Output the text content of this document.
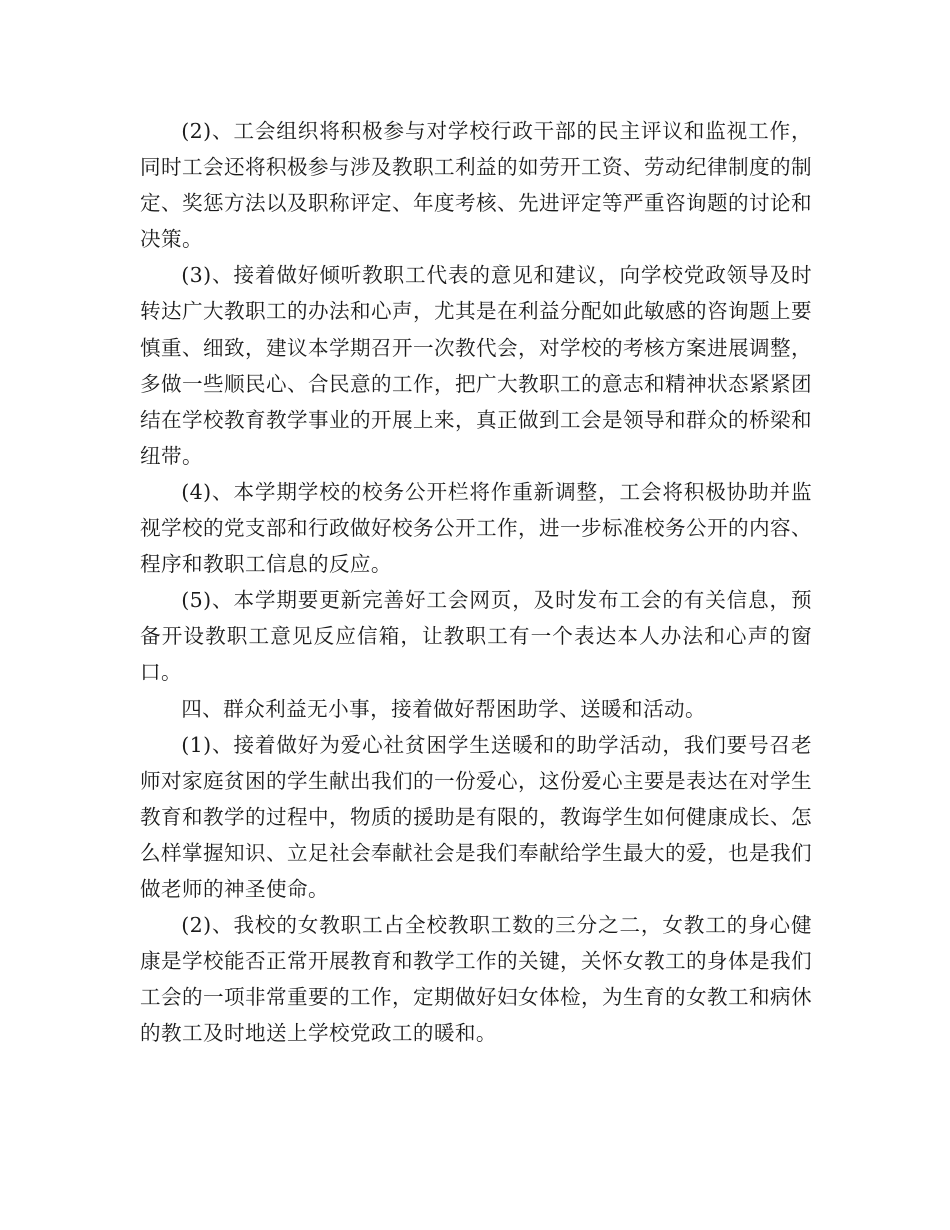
(2)、工会组织将积极参与对学校行政干部的民主评议和监视工作，同时工会还将积极参与涉及教职工利益的如劳开工资、劳动纪律制度的制定、奖惩方法以及职称评定、年度考核、先进评定等严重咨询题的讨论和决策。

(3)、接着做好倾听教职工代表的意见和建议，向学校党政领导及时转达广大教职工的办法和心声，尤其是在利益分配如此敏感的咨询题上要慎重、细致，建议本学期召开一次教代会，对学校的考核方案进展调整，多做一些顺民心、合民意的工作，把广大教职工的意志和精神状态紧紧团结在学校教育教学事业的开展上来，真正做到工会是领导和群众的桥梁和纽带。

(4)、本学期学校的校务公开栏将作重新调整，工会将积极协助并监视学校的党支部和行政做好校务公开工作，进一步标准校务公开的内容、程序和教职工信息的反应。

(5)、本学期要更新完善好工会网页，及时发布工会的有关信息，预备开设教职工意见反应信箱，让教职工有一个表达本人办法和心声的窗口。

四、群众利益无小事，接着做好帮困助学、送暖和活动。

(1)、接着做好为爱心社贫困学生送暖和的助学活动，我们要号召老师对家庭贫困的学生献出我们的一份爱心，这份爱心主要是表达在对学生教育和教学的过程中，物质的援助是有限的，教诲学生如何健康成长、怎么样掌握知识、立足社会奉献社会是我们奉献给学生最大的爱，也是我们做老师的神圣使命。

(2)、我校的女教职工占全校教职工数的三分之二，女教工的身心健康是学校能否正常开展教育和教学工作的关键，关怀女教工的身体是我们工会的一项非常重要的工作，定期做好妇女体检，为生育的女教工和病休的教工及时地送上学校党政工的暖和。
